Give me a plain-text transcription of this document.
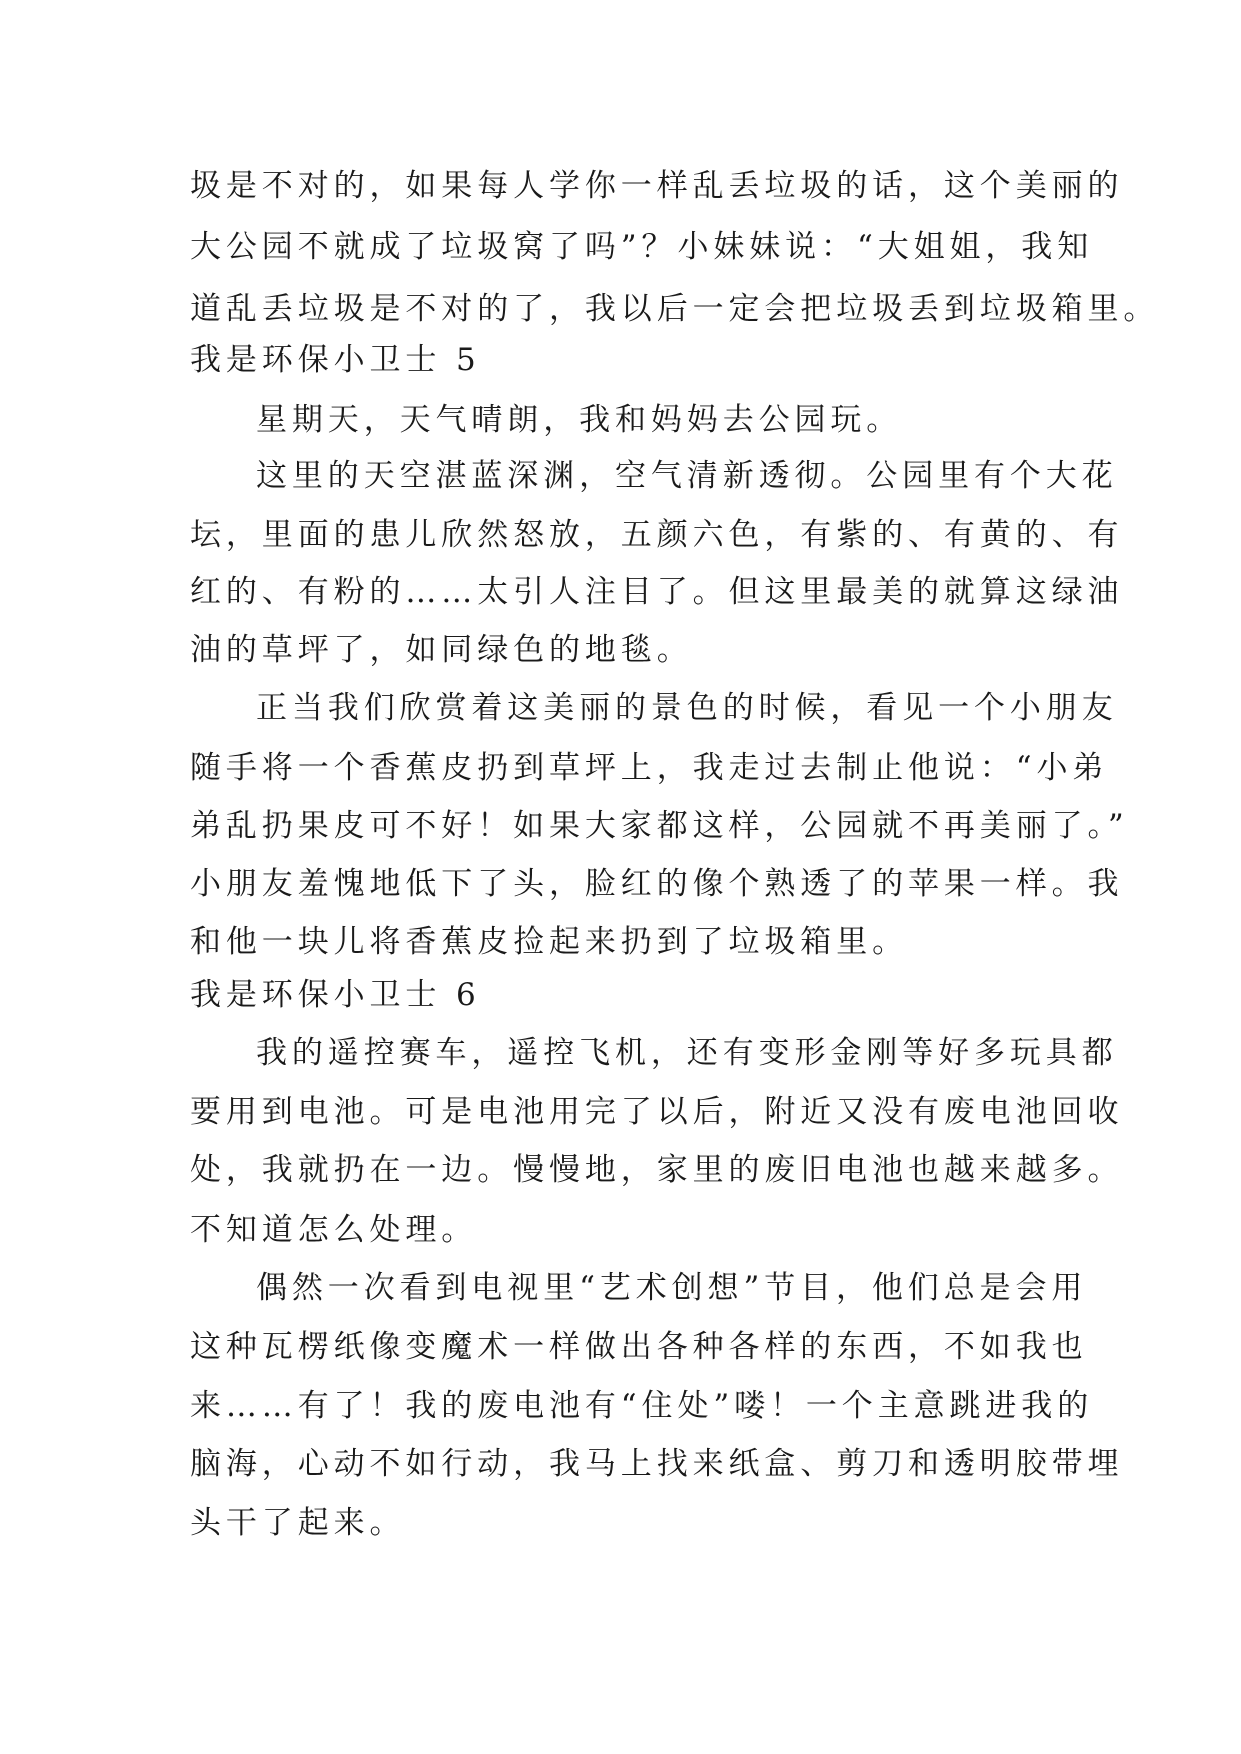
圾是不对的，如果每人学你一样乱丢垃圾的话，这个美丽的
大公园不就成了垃圾窝了吗”？小妹妹说：“大姐姐，我知
道乱丢垃圾是不对的了，我以后一定会把垃圾丢到垃圾箱里。
我是环保小卫士 5
星期天，天气晴朗，我和妈妈去公园玩。
这里的天空湛蓝深渊，空气清新透彻。公园里有个大花
坛，里面的患儿欣然怒放，五颜六色，有紫的、有黄的、有
红的、有粉的……太引人注目了。但这里最美的就算这绿油
油的草坪了，如同绿色的地毯。
正当我们欣赏着这美丽的景色的时候，看见一个小朋友
随手将一个香蕉皮扔到草坪上，我走过去制止他说：“小弟
弟乱扔果皮可不好！如果大家都这样，公园就不再美丽了。”
小朋友羞愧地低下了头，脸红的像个熟透了的苹果一样。我
和他一块儿将香蕉皮捡起来扔到了垃圾箱里。
我是环保小卫士 6
我的遥控赛车，遥控飞机，还有变形金刚等好多玩具都
要用到电池。可是电池用完了以后，附近又没有废电池回收
处，我就扔在一边。慢慢地，家里的废旧电池也越来越多。
不知道怎么处理。
偶然一次看到电视里“艺术创想”节目，他们总是会用
这种瓦楞纸像变魔术一样做出各种各样的东西，不如我也
来……有了！我的废电池有“住处”喽！一个主意跳进我的
脑海，心动不如行动，我马上找来纸盒、剪刀和透明胶带埋
头干了起来。
